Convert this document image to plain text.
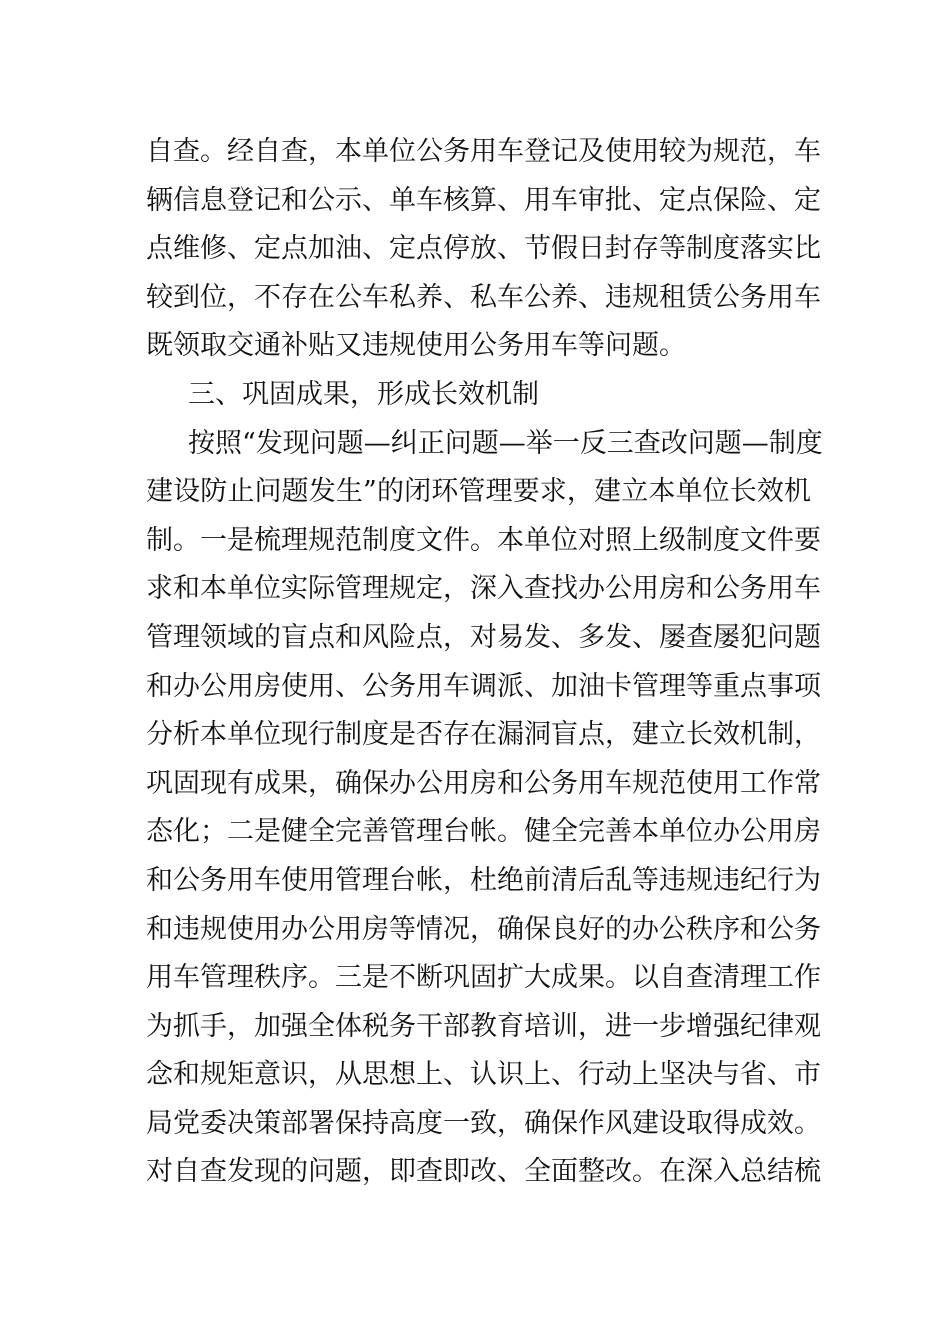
自查。经自查，本单位公务用车登记及使用较为规范，车
辆信息登记和公示、单车核算、用车审批、定点保险、定
点维修、定点加油、定点停放、节假日封存等制度落实比
较到位，不存在公车私养、私车公养、违规租赁公务用车
既领取交通补贴又违规使用公务用车等问题。
三、巩固成果，形成长效机制
按照“发现问题—纠正问题—举一反三查改问题—制度
建设防止问题发生”的闭环管理要求，建立本单位长效机
制。一是梳理规范制度文件。本单位对照上级制度文件要
求和本单位实际管理规定，深入查找办公用房和公务用车
管理领域的盲点和风险点，对易发、多发、屡查屡犯问题
和办公用房使用、公务用车调派、加油卡管理等重点事项
分析本单位现行制度是否存在漏洞盲点，建立长效机制，
巩固现有成果，确保办公用房和公务用车规范使用工作常
态化；二是健全完善管理台帐。健全完善本单位办公用房
和公务用车使用管理台帐，杜绝前清后乱等违规违纪行为
和违规使用办公用房等情况，确保良好的办公秩序和公务
用车管理秩序。三是不断巩固扩大成果。以自查清理工作
为抓手，加强全体税务干部教育培训，进一步增强纪律观
念和规矩意识，从思想上、认识上、行动上坚决与省、市
局党委决策部署保持高度一致，确保作风建设取得成效。
对自查发现的问题，即查即改、全面整改。在深入总结梳
